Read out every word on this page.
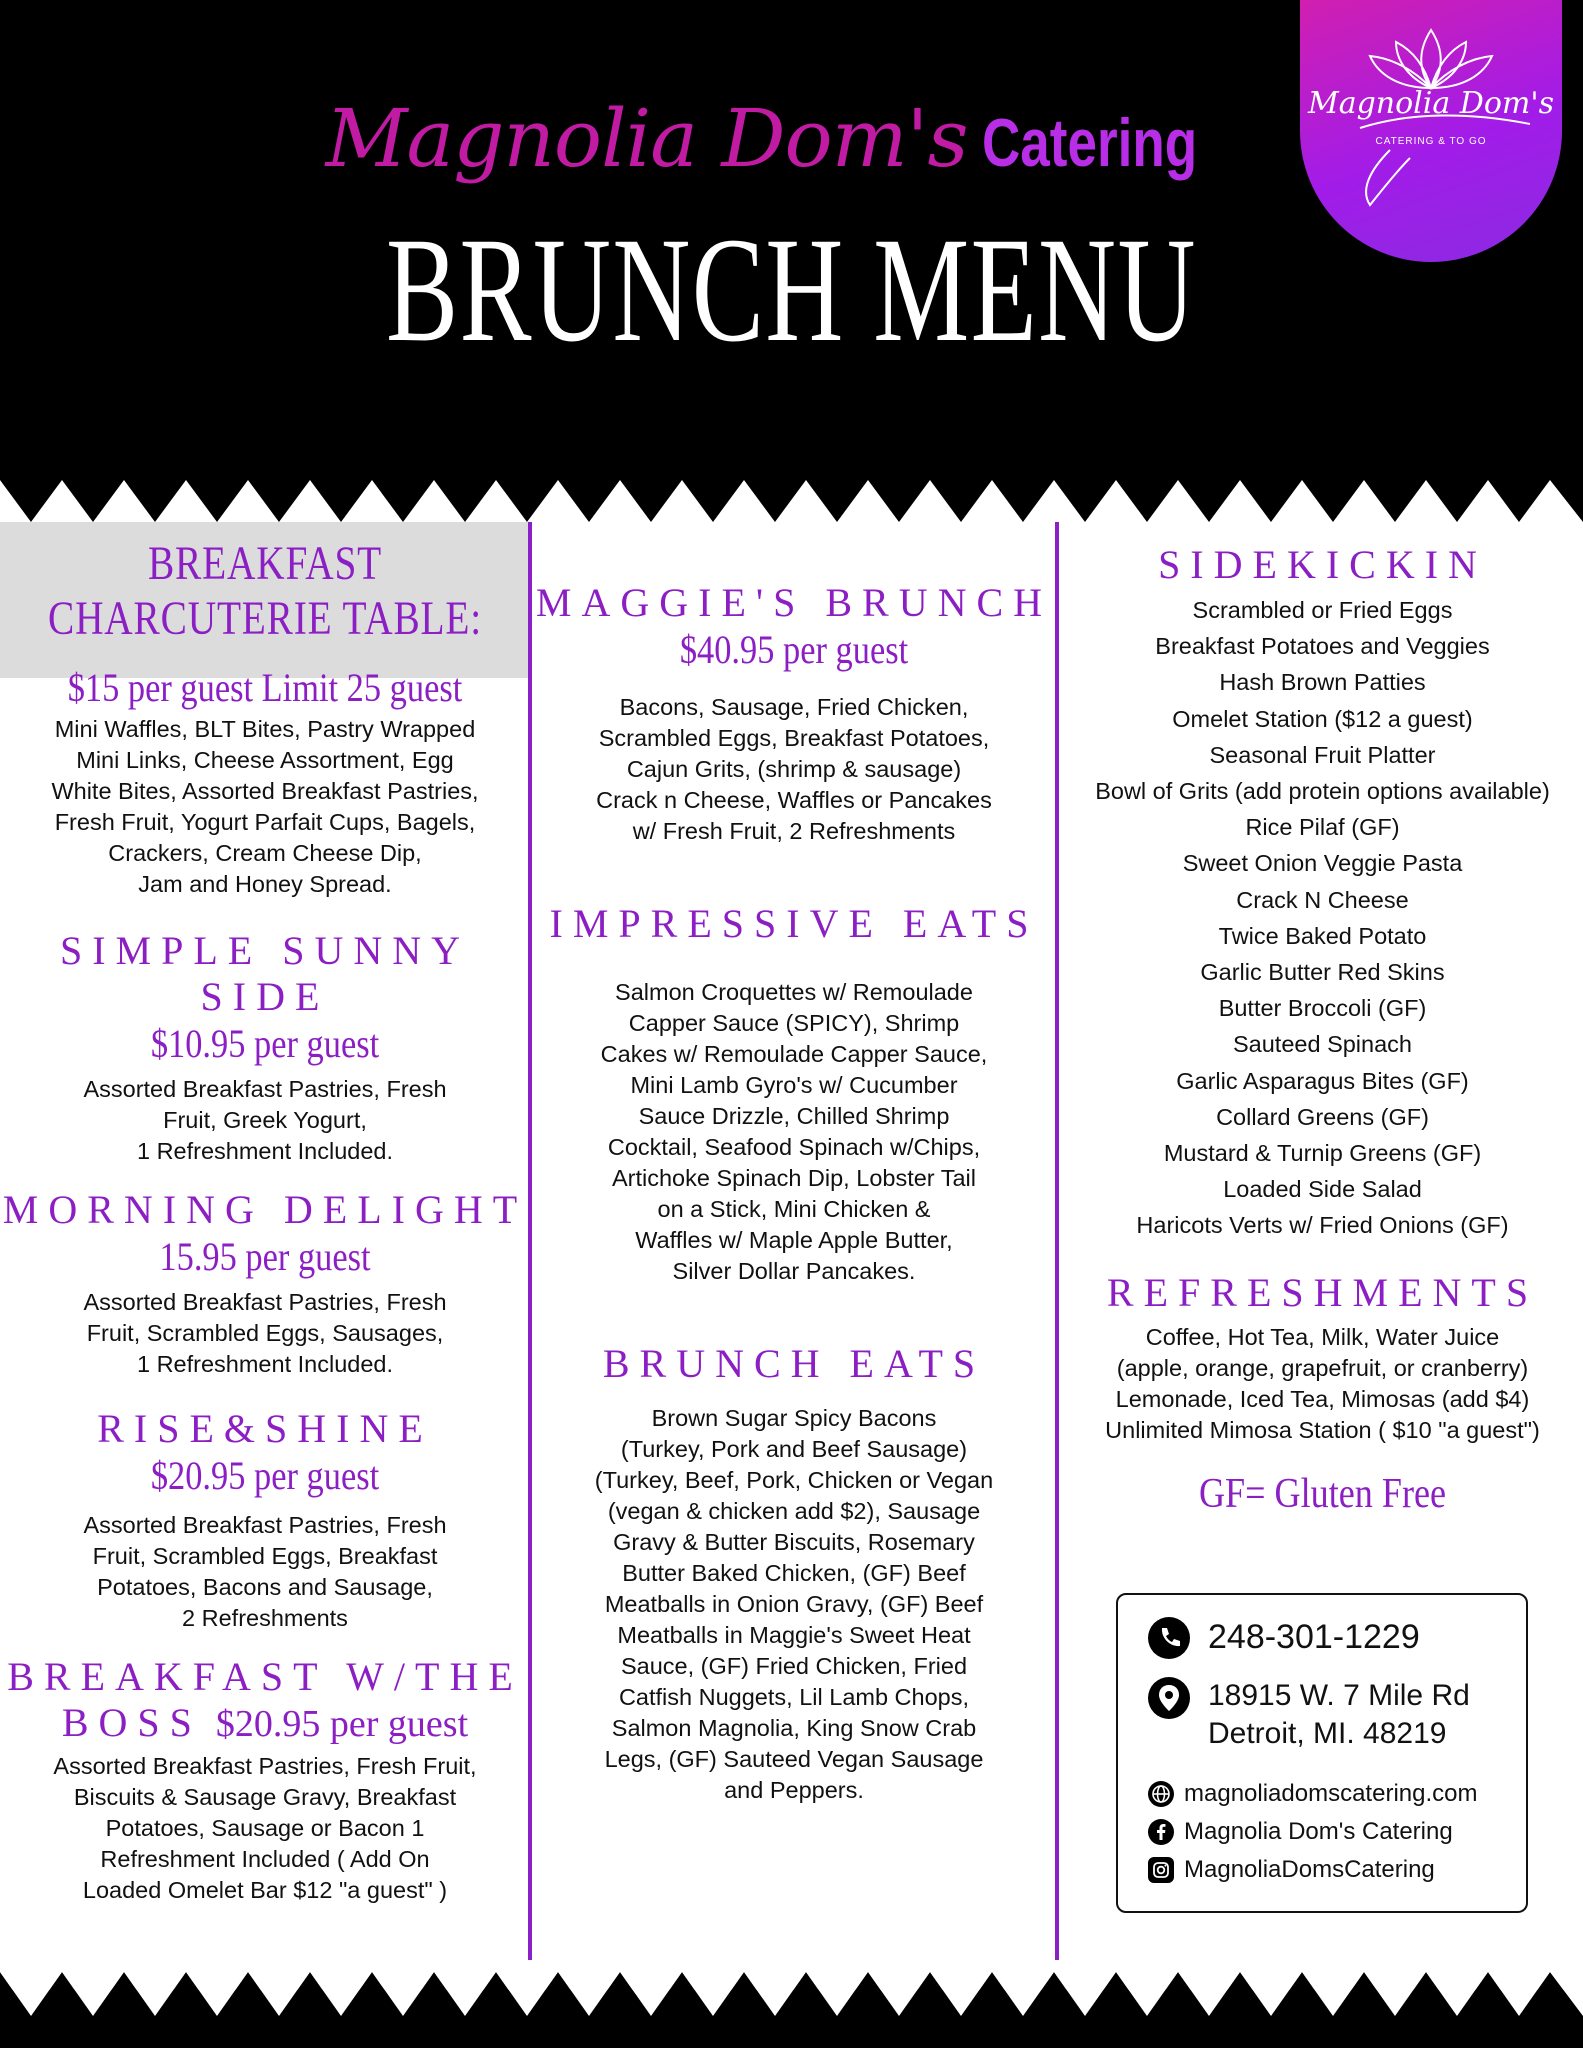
Magnolia Dom's Catering
BRUNCH MENU
Magnolia Dom's
CATERING & TO GO

BREAKFAST

CHARCUTERIE TABLE:

$15 per guest Limit 25 guest

Mini Waffles, BLT Bites, Pastry Wrapped

Mini Links, Cheese Assortment, Egg

White Bites, Assorted Breakfast Pastries,

Fresh Fruit, Yogurt Parfait Cups, Bagels,

Crackers, Cream Cheese Dip,

Jam and Honey Spread.

SIMPLE SUNNY SIDE

$10.95 per guest

Assorted Breakfast Pastries, Fresh

Fruit, Greek Yogurt,

1 Refreshment Included.

MORNING DELIGHT

15.95 per guest

Assorted Breakfast Pastries, Fresh

Fruit, Scrambled Eggs, Sausages,

1 Refreshment Included.

RISE&SHINE

$20.95 per guest

Assorted Breakfast Pastries, Fresh

Fruit, Scrambled Eggs, Breakfast

Potatoes, Bacons and Sausage,

2 Refreshments

BREAKFAST W/THE

BOSS $20.95 per guest

Assorted Breakfast Pastries, Fresh Fruit,

Biscuits & Sausage Gravy, Breakfast

Potatoes, Sausage or Bacon 1

Refreshment Included ( Add On

Loaded Omelet Bar $12 "a guest" )

MAGGIE'S BRUNCH

$40.95 per guest

Bacons, Sausage, Fried Chicken,

Scrambled Eggs, Breakfast Potatoes,

Cajun Grits, (shrimp & sausage)

Crack n Cheese, Waffles or Pancakes

w/ Fresh Fruit, 2 Refreshments

IMPRESSIVE EATS

Salmon Croquettes w/ Remoulade

Capper Sauce (SPICY), Shrimp

Cakes w/ Remoulade Capper Sauce,

Mini Lamb Gyro's w/ Cucumber

Sauce Drizzle, Chilled Shrimp

Cocktail, Seafood Spinach w/Chips,

Artichoke Spinach Dip, Lobster Tail

on a Stick, Mini Chicken &

Waffles w/ Maple Apple Butter,

Silver Dollar Pancakes.

BRUNCH EATS

Brown Sugar Spicy Bacons

(Turkey, Pork and Beef Sausage)

(Turkey, Beef, Pork, Chicken or Vegan

(vegan & chicken add $2), Sausage

Gravy & Butter Biscuits, Rosemary

Butter Baked Chicken, (GF) Beef

Meatballs in Onion Gravy, (GF) Beef

Meatballs in Maggie's Sweet Heat

Sauce, (GF) Fried Chicken, Fried

Catfish Nuggets, Lil Lamb Chops,

Salmon Magnolia, King Snow Crab

Legs, (GF) Sauteed Vegan Sausage

and Peppers.

SIDEKICKIN

Scrambled or Fried Eggs
Breakfast Potatoes and Veggies
Hash Brown Patties
Omelet Station ($12 a guest)
Seasonal Fruit Platter
Bowl of Grits (add protein options available)
Rice Pilaf (GF)
Sweet Onion Veggie Pasta
Crack N Cheese
Twice Baked Potato
Garlic Butter Red Skins
Butter Broccoli (GF)
Sauteed Spinach
Garlic Asparagus Bites (GF)
Collard Greens (GF)
Mustard & Turnip Greens (GF)
Loaded Side Salad
Haricots Verts w/ Fried Onions (GF)

REFRESHMENTS

Coffee, Hot Tea, Milk, Water Juice

(apple, orange, grapefruit, or cranberry)

Lemonade, Iced Tea, Mimosas (add $4)

Unlimited Mimosa Station ( $10 "a guest")

GF= Gluten Free

248-301-1229
18915 W. 7 Mile Rd
Detroit, MI. 48219
magnoliadomscatering.com
Magnolia Dom's Catering
MagnoliaDomsCatering
